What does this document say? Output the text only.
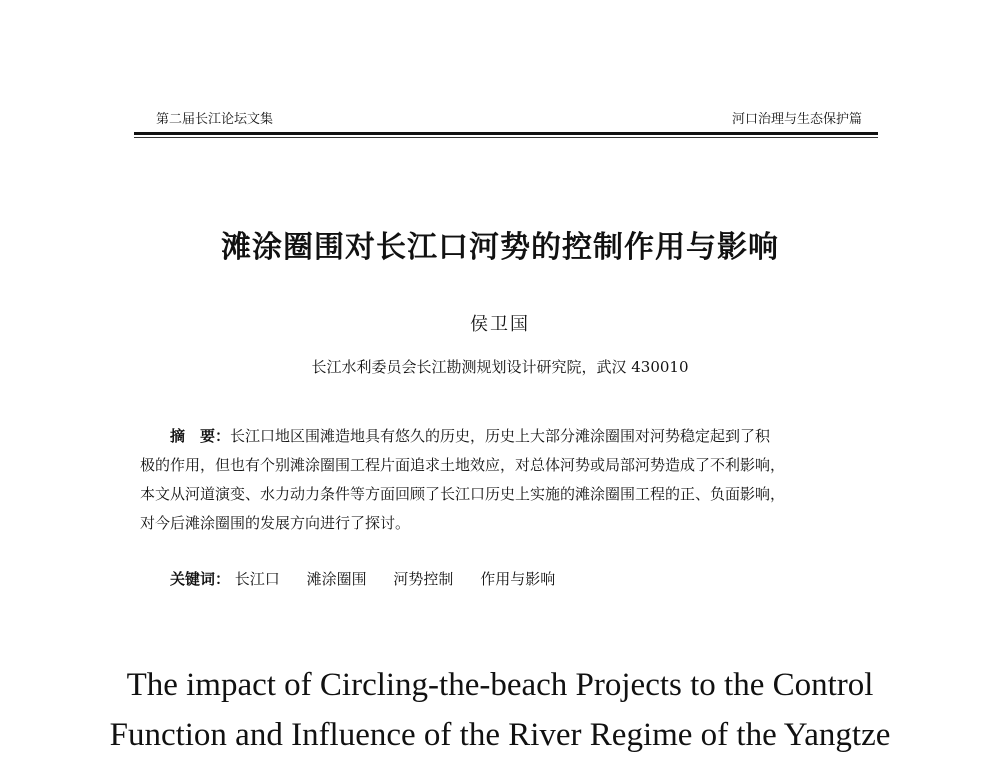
第二届长江论坛文集	河口治理与生态保护篇
滩涂圈围对长江口河势的控制作用与影响
侯卫国
长江水利委员会长江勘测规划设计研究院，武汉 430010
摘　要：长江口地区围滩造地具有悠久的历史，历史上大部分滩涂圈围对河势稳定起到了积
极的作用，但也有个别滩涂圈围工程片面追求土地效应，对总体河势或局部河势造成了不利影响，
本文从河道演变、水力动力条件等方面回顾了长江口历史上实施的滩涂圈围工程的正、负面影响，
对今后滩涂圈围的发展方向进行了探讨。
关键词： 长江口 滩涂圈围 河势控制 作用与影响
The impact of Circling-the-beach Projects to the Control
Function and Influence of the River Regime of the Yangtze
